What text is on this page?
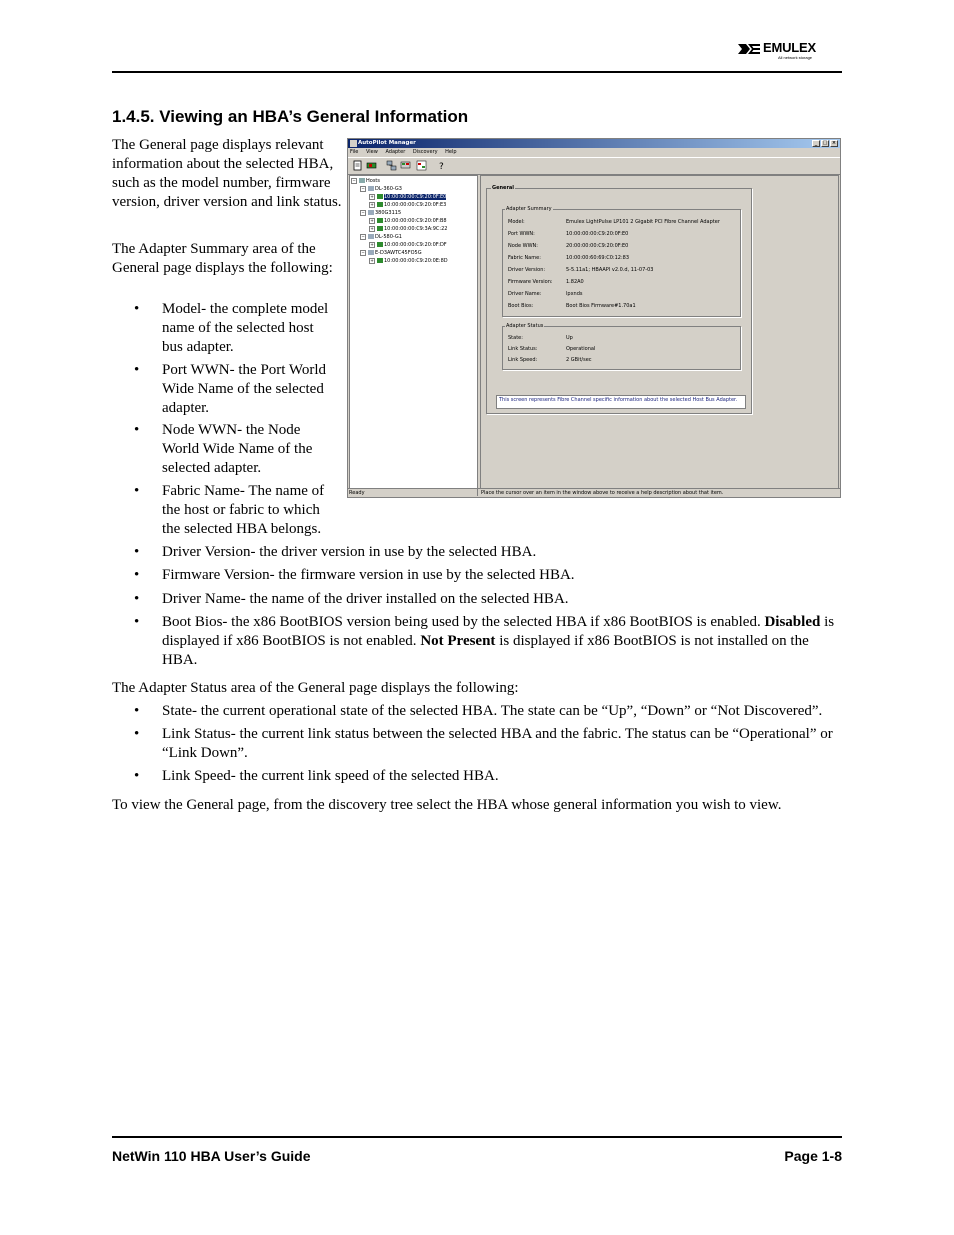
EMULEX
All network storage
1.4.5. Viewing an HBA’s General Information

The General page displays relevant information about the selected HBA, such as the model number, firmware version, driver version and link status.

The Adapter Summary area of the General page displays the following:

• Model- the complete model name of the selected host bus adapter.
• Port WWN- the Port World Wide Name of the selected adapter.
• Node WWN- the Node World Wide Name of the selected adapter.
• Fabric Name- The name of the host or fabric to which the selected HBA belongs.
• Driver Version- the driver version in use by the selected HBA.
• Firmware Version- the firmware version in use by the selected HBA.
• Driver Name- the name of the driver installed on the selected HBA.
• Boot Bios- the x86 BootBIOS version being used by the selected HBA if x86 BootBIOS is enabled. Disabled is displayed if x86 BootBIOS is not enabled. Not Present is displayed if x86 BootBIOS is not installed on the HBA.

The Adapter Status area of the General page displays the following:

• State- the current operational state of the selected HBA. The state can be “Up”, “Down” or “Not Discovered”.
• Link Status- the current link status between the selected HBA and the fabric. The status can be “Operational” or “Link Down”.
• Link Speed- the current link speed of the selected HBA.

To view the General page, from the discovery tree select the HBA whose general information you wish to view.

AutoPilot Manager	_	□ ×
File View Adapter Discovery Help
?
− Hosts
− DL-360-G3
+ 10:00:00:00:C9:20:0F:E0
+ 10:00:00:00:C9:20:0F:E3
− 380G3115
+ 10:00:00:00:C9:20:0F:B8
+ 10:00:00:00:C9:3A:9C:22
− DL-580-G1
+ 10:00:00:00:C9:20:0F:DF
− E-D3AWTC45FO5G
+ 10:00:00:00:C9:20:0E:8D
General
Adapter Summary
Model:	Emulex LightPulse LP101 2 Gigabit PCI Fibre Channel Adapter
Port WWN:	10:00:00:00:C9:20:0F:E0
Node WWN:	20:00:00:00:C9:20:0F:E0
Fabric Name:	10:00:00:60:69:C0:12:83
Driver Version:	5-5.11a1; HBAAPI v2.0.d, 11-07-03
Firmware Version:	1.82A0
Driver Name:	lpxnds
Boot Bios:	Boot Bios Firmware#1.70a1
Adapter Status
State:	Up
Link Status:	Operational
Link Speed:	2 GBit/sec
This screen represents Fibre Channel specific information about the selected Host Bus Adapter.
Ready	Place the cursor over an item in the window above to receive a help description about that item.
NetWin 110 HBA User’s Guide	Page 1-8
